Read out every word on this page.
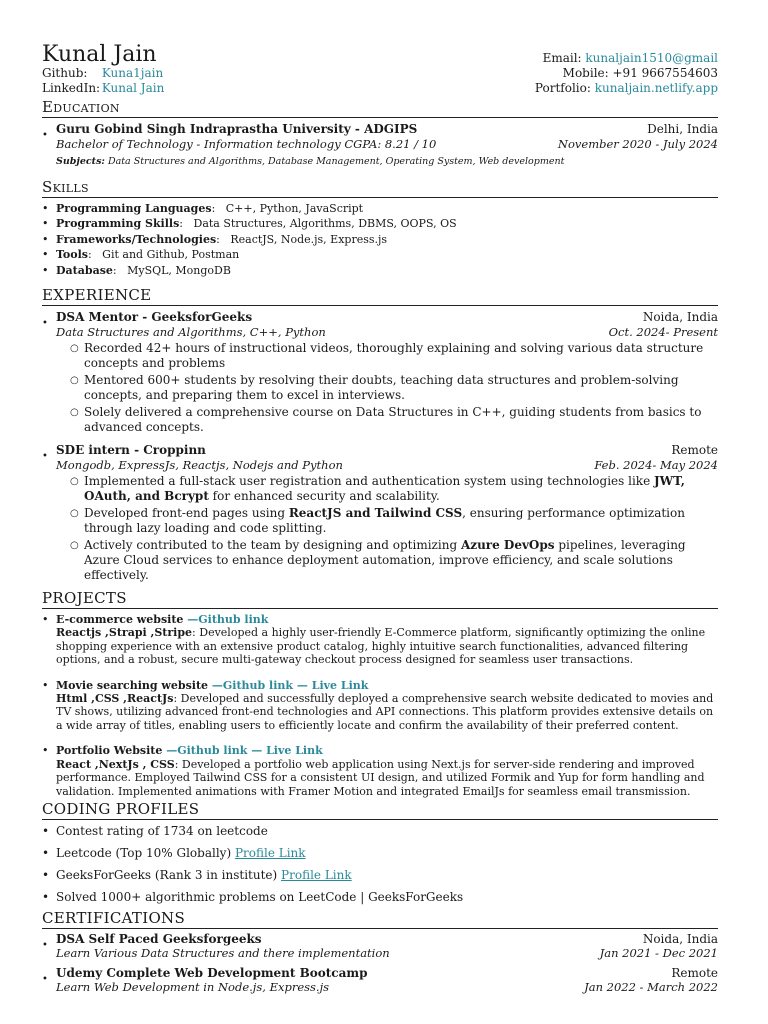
Kunal Jain
Github: Kuna1jain
LinkedIn: Kunal Jain
Email: kunaljain1510@gmail
Mobile: +91 9667554603
Portfolio: kunaljain.netlify.app
Education
• Guru Gobind Singh Indraprastha University - ADGIPS	Delhi, India
Bachelor of Technology - Information technology CGPA: 8.21 / 10	November 2020 - July 2024
Subjects: Data Structures and Algorithms, Database Management, Operating System, Web development
Skills
• Programming Languages:   C++, Python, JavaScript
• Programming Skills:   Data Structures, Algorithms, DBMS, OOPS, OS
• Frameworks/Technologies:   ReactJS, Node.js, Express.js
• Tools:   Git and Github, Postman
• Database:   MySQL, MongoDB
EXPERIENCE
• DSA Mentor - GeeksforGeeks	Noida, India
Data Structures and Algorithms, C++, Python	Oct. 2024- Present
○ Recorded 42+ hours of instructional videos, thoroughly explaining and solving various data structure concepts and problems
○ Mentored 600+ students by resolving their doubts, teaching data structures and problem-solving concepts, and preparing them to excel in interviews.
○ Solely delivered a comprehensive course on Data Structures in C++, guiding students from basics to advanced concepts.
• SDE intern - Croppinn	Remote
Mongodb, ExpressJs, Reactjs, Nodejs and Python	Feb. 2024- May 2024
○ Implemented a full-stack user registration and authentication system using technologies like JWT, OAuth, and Bcrypt for enhanced security and scalability.
○ Developed front-end pages using ReactJS and Tailwind CSS, ensuring performance optimization through lazy loading and code splitting.
○ Actively contributed to the team by designing and optimizing Azure DevOps pipelines, leveraging Azure Cloud services to enhance deployment automation, improve efficiency, and scale solutions effectively.
PROJECTS
• E-commerce website —Github link
Reactjs ,Strapi ,Stripe: Developed a highly user-friendly E-Commerce platform, significantly optimizing the online shopping experience with an extensive product catalog, highly intuitive search functionalities, advanced filtering options, and a robust, secure multi-gateway checkout process designed for seamless user transactions.
• Movie searching website —Github link — Live Link
Html ,CSS ,ReactJs: Developed and successfully deployed a comprehensive search website dedicated to movies and TV shows, utilizing advanced front-end technologies and API connections. This platform provides extensive details on a wide array of titles, enabling users to efficiently locate and confirm the availability of their preferred content.
• Portfolio Website —Github link — Live Link
React ,NextJs , CSS: Developed a portfolio web application using Next.js for server-side rendering and improved performance. Employed Tailwind CSS for a consistent UI design, and utilized Formik and Yup for form handling and validation. Implemented animations with Framer Motion and integrated EmailJs for seamless email transmission.
CODING PROFILES
• Contest rating of 1734 on leetcode
• Leetcode (Top 10% Globally) Profile Link
• GeeksForGeeks (Rank 3 in institute) Profile Link
• Solved 1000+ algorithmic problems on LeetCode | GeeksForGeeks
CERTIFICATIONS
• DSA Self Paced Geeksforgeeks	Noida, India
Learn Various Data Structures and there implementation	Jan 2021 - Dec 2021
• Udemy Complete Web Development Bootcamp	Remote
Learn Web Development in Node.js, Express.js	Jan 2022 - March 2022
